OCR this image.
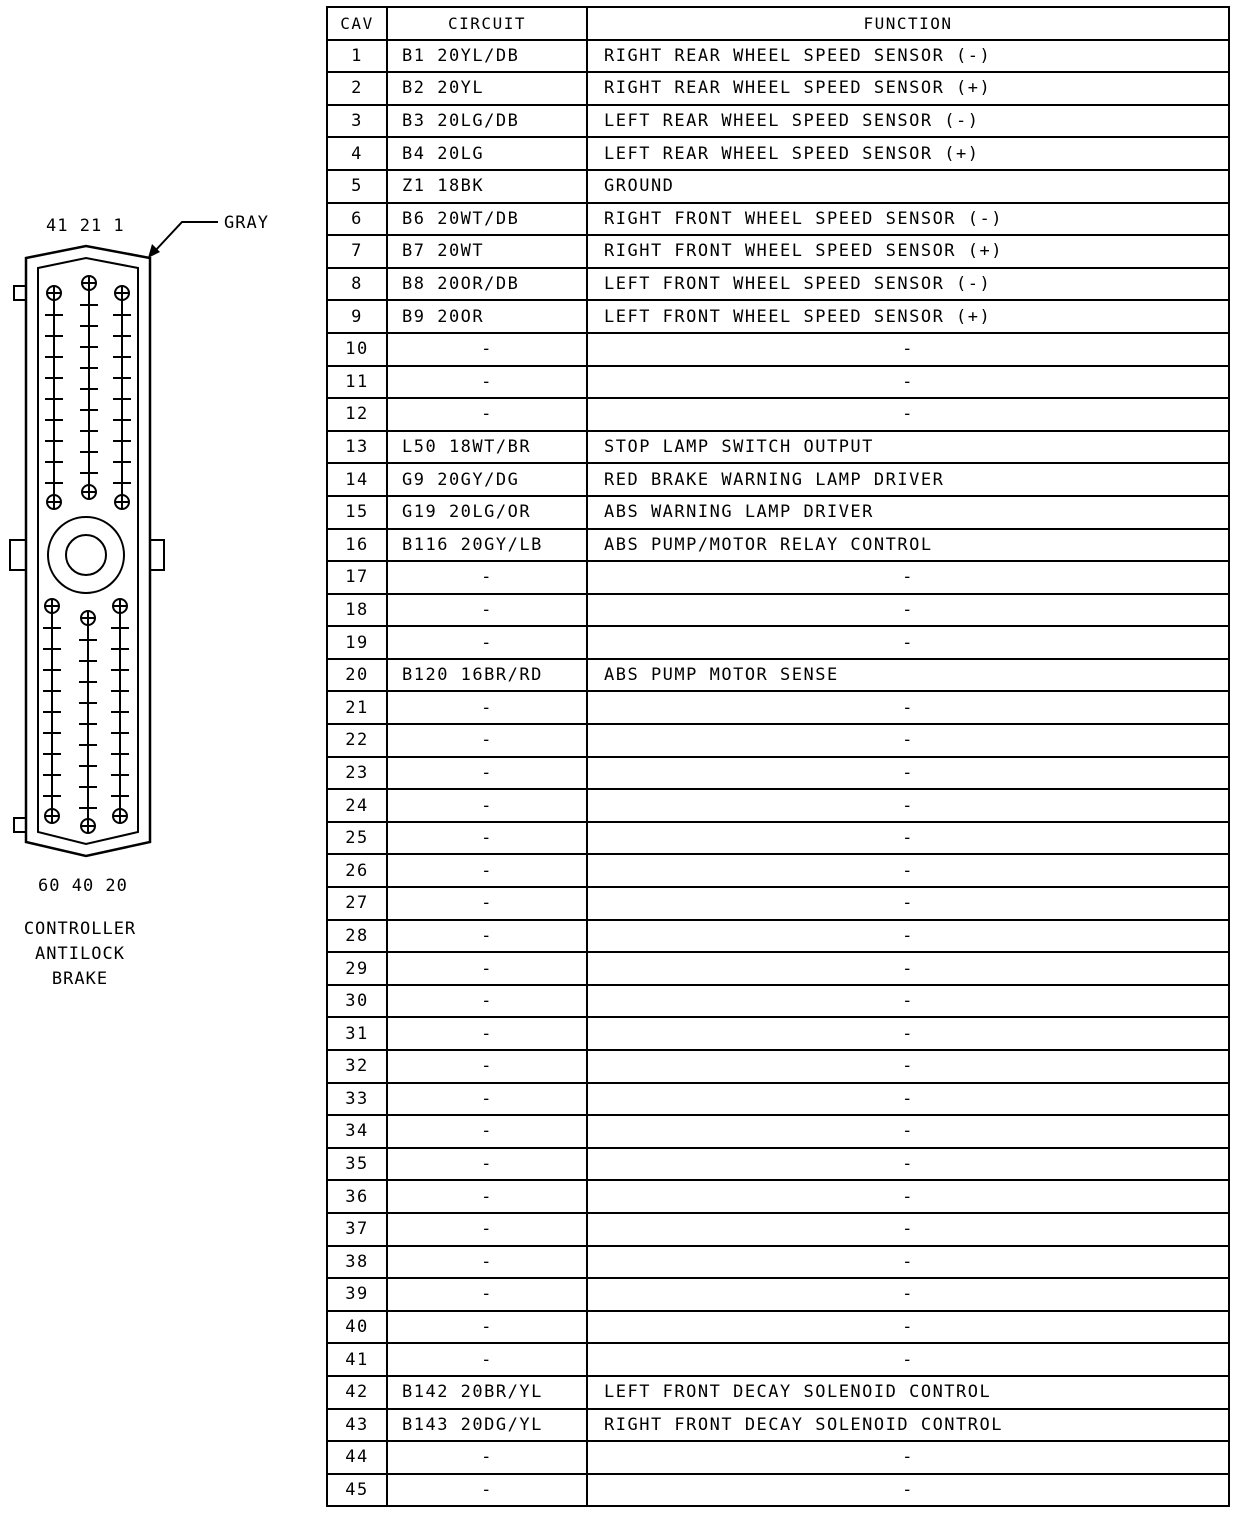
41 21 1	GRAY
60 40 20
CONTROLLER
ANTILOCK
BRAKE
CAV	CIRCUIT	FUNCTION
1	B1 20YL/DB	RIGHT REAR WHEEL SPEED SENSOR (-)
2	B2 20YL	RIGHT REAR WHEEL SPEED SENSOR (+)
3	B3 20LG/DB	LEFT REAR WHEEL SPEED SENSOR (-)
4	B4 20LG	LEFT REAR WHEEL SPEED SENSOR (+)
5	Z1 18BK	GROUND
6	B6 20WT/DB	RIGHT FRONT WHEEL SPEED SENSOR (-)
7	B7 20WT	RIGHT FRONT WHEEL SPEED SENSOR (+)
8	B8 20OR/DB	LEFT FRONT WHEEL SPEED SENSOR (-)
9	B9 20OR	LEFT FRONT WHEEL SPEED SENSOR (+)
10	-	-
11	-	-
12	-	-
13	L50 18WT/BR	STOP LAMP SWITCH OUTPUT
14	G9 20GY/DG	RED BRAKE WARNING LAMP DRIVER
15	G19 20LG/OR	ABS WARNING LAMP DRIVER
16	B116 20GY/LB	ABS PUMP/MOTOR RELAY CONTROL
17	-	-
18	-	-
19	-	-
20	B120 16BR/RD	ABS PUMP MOTOR SENSE
21	-	-
22	-	-
23	-	-
24	-	-
25	-	-
26	-	-
27	-	-
28	-	-
29	-	-
30	-	-
31	-	-
32	-	-
33	-	-
34	-	-
35	-	-
36	-	-
37	-	-
38	-	-
39	-	-
40	-	-
41	-	-
42	B142 20BR/YL	LEFT FRONT DECAY SOLENOID CONTROL
43	B143 20DG/YL	RIGHT FRONT DECAY SOLENOID CONTROL
44	-	-
45	-	-
